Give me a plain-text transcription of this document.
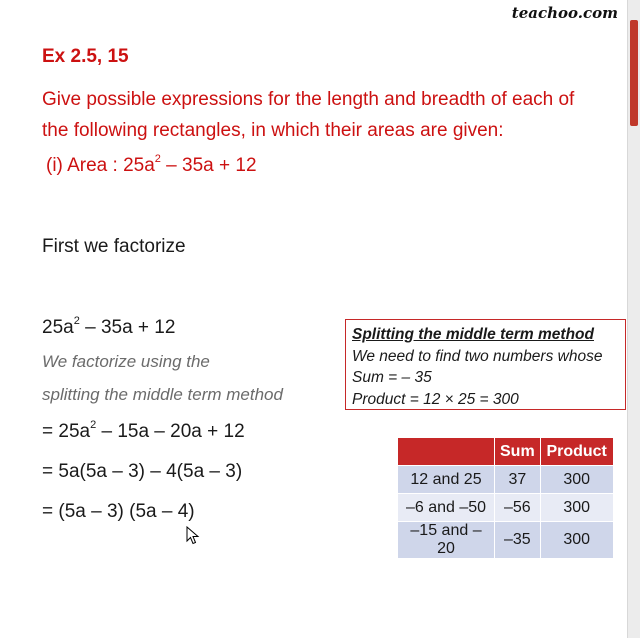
teachoo.com
Ex 2.5, 15
Give possible expressions for the length and breadth of each of the following rectangles, in which their areas are given:
(i) Area : $25a^2 - 35a + 12$
First we factorize
$25a^2 - 35a + 12$
We factorize using the
splitting the middle term method
= $25a^2 - 15a - 20a + 12$
= 5a(5a – 3) – 4(5a – 3)
= (5a – 3) (5a – 4)
Splitting the middle term method
We need to find two numbers whose
Sum = – 35
Product = 12 × 25 = 300
	Sum	Product
12 and 25	37	300
–6 and –50	–56	300
–15 and –20	–35	300
